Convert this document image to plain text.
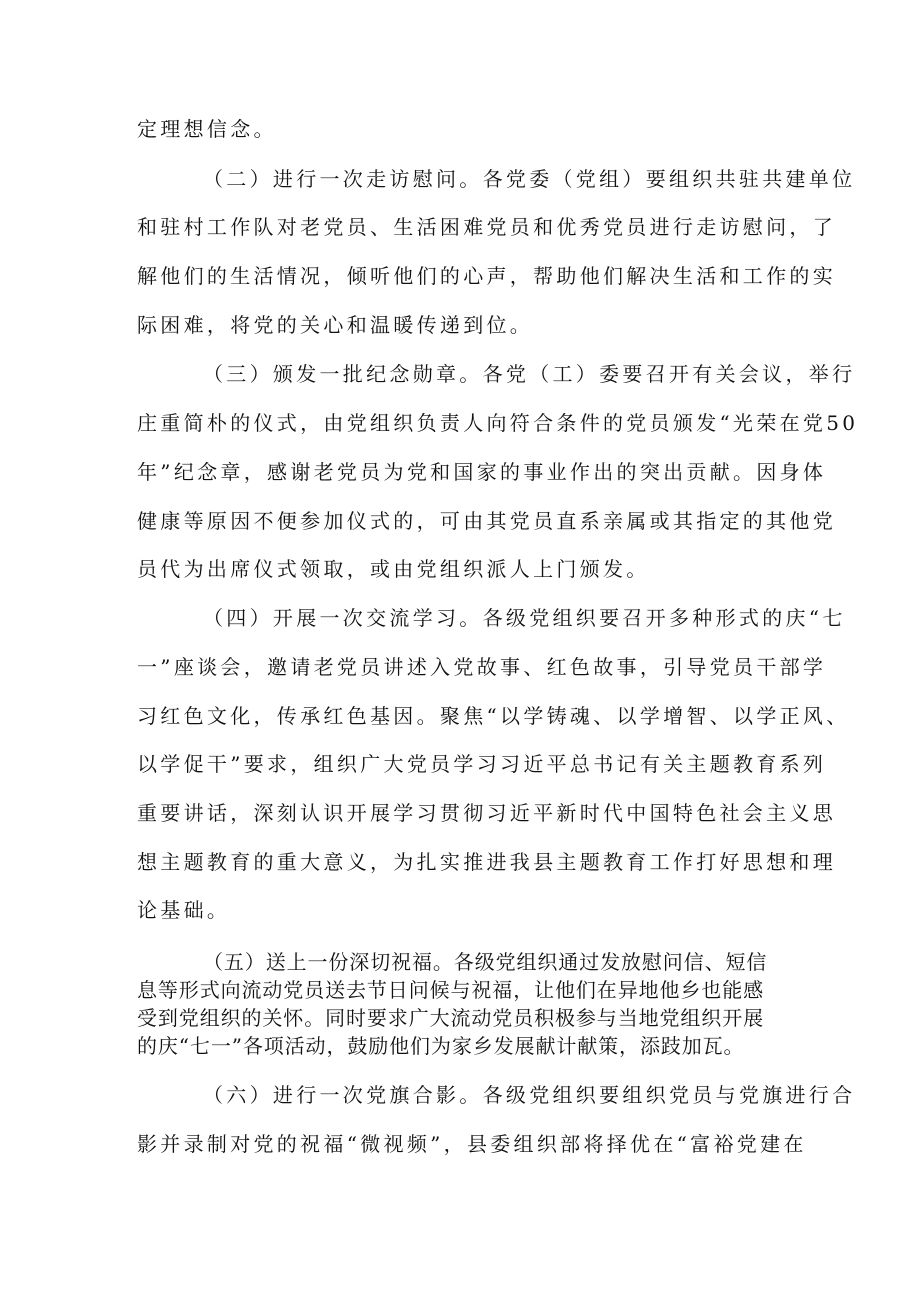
定理想信念。
（二）进行一次走访慰问。各党委（党组）要组织共驻共建单位
和驻村工作队对老党员、生活困难党员和优秀党员进行走访慰问，了
解他们的生活情况，倾听他们的心声，帮助他们解决生活和工作的实
际困难，将党的关心和温暖传递到位。
（三）颁发一批纪念勋章。各党（工）委要召开有关会议，举行
庄重简朴的仪式，由党组织负责人向符合条件的党员颁发“光荣在党50
年”纪念章，感谢老党员为党和国家的事业作出的突出贡献。因身体
健康等原因不便参加仪式的，可由其党员直系亲属或其指定的其他党
员代为出席仪式领取，或由党组织派人上门颁发。
（四）开展一次交流学习。各级党组织要召开多种形式的庆“七
一”座谈会，邀请老党员讲述入党故事、红色故事，引导党员干部学
习红色文化，传承红色基因。聚焦“以学铸魂、以学增智、以学正风、
以学促干”要求，组织广大党员学习习近平总书记有关主题教育系列
重要讲话，深刻认识开展学习贯彻习近平新时代中国特色社会主义思
想主题教育的重大意义，为扎实推进我县主题教育工作打好思想和理
论基础。
（五）送上一份深切祝福。各级党组织通过发放慰问信、短信
息等形式向流动党员送去节日问候与祝福，让他们在异地他乡也能感
受到党组织的关怀。同时要求广大流动党员积极参与当地党组织开展
的庆“七一”各项活动，鼓励他们为家乡发展献计献策，添跂加瓦。
（六）进行一次党旗合影。各级党组织要组织党员与党旗进行合
影并录制对党的祝福“微视频”，县委组织部将择优在“富裕党建在
